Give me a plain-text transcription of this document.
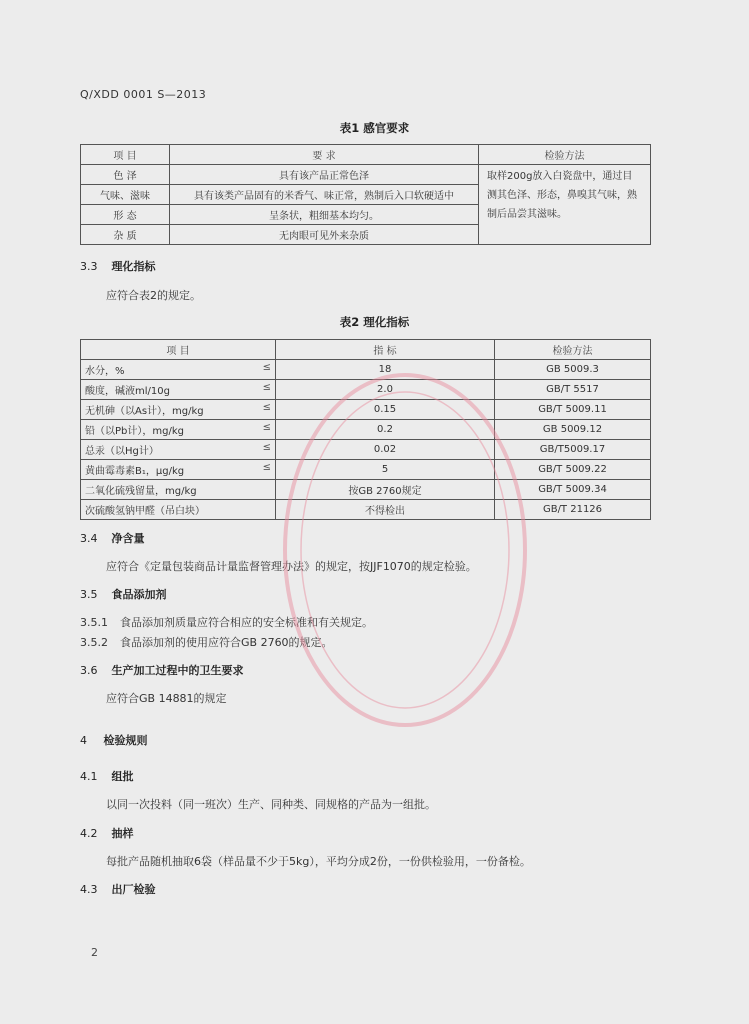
Q/XDD 0001 S—2013
表1 感官要求
项 目	要 求	检验方法
色 泽	具有该产品正常色泽	取样200g放入白瓷盘中，通过目测其色泽、形态，鼻嗅其气味，熟制后品尝其滋味。
气味、滋味	具有该类产品固有的米香气、味正常，熟制后入口软硬适中	
形 态	呈条状，粗细基本均匀。	
杂 质	无肉眼可见外来杂质	
3.3 理化指标
应符合表2的规定。
表2 理化指标
项 目	指 标	检验方法

水分，% ≤	18	GB 5009.3

酸度，碱液ml/10g ≤	2.0	GB/T 5517

无机砷（以As计），mg/kg ≤	0.15	GB/T 5009.11

铅（以Pb计），mg/kg ≤	0.2	GB 5009.12

总汞（以Hg计） ≤	0.02	GB/T5009.17

黄曲霉毒素B₁，μg/kg ≤	5	GB/T 5009.22

二氧化硫残留量，mg/kg	按GB 2760规定	GB/T 5009.34

次硫酸氢钠甲醛（吊白块）	不得检出	GB/T 21126
3.4 净含量
应符合《定量包装商品计量监督管理办法》的规定，按JJF1070的规定检验。
3.5 食品添加剂
3.5.1 食品添加剂质量应符合相应的安全标准和有关规定。
3.5.2 食品添加剂的使用应符合GB 2760的规定。
3.6 生产加工过程中的卫生要求
应符合GB 14881的规定
4 检验规则
4.1 组批
以同一次投料（同一班次）生产、同种类、同规格的产品为一组批。
4.2 抽样
每批产品随机抽取6袋（样品量不少于5kg），平均分成2份，一份供检验用，一份备检。
4.3 出厂检验
2
